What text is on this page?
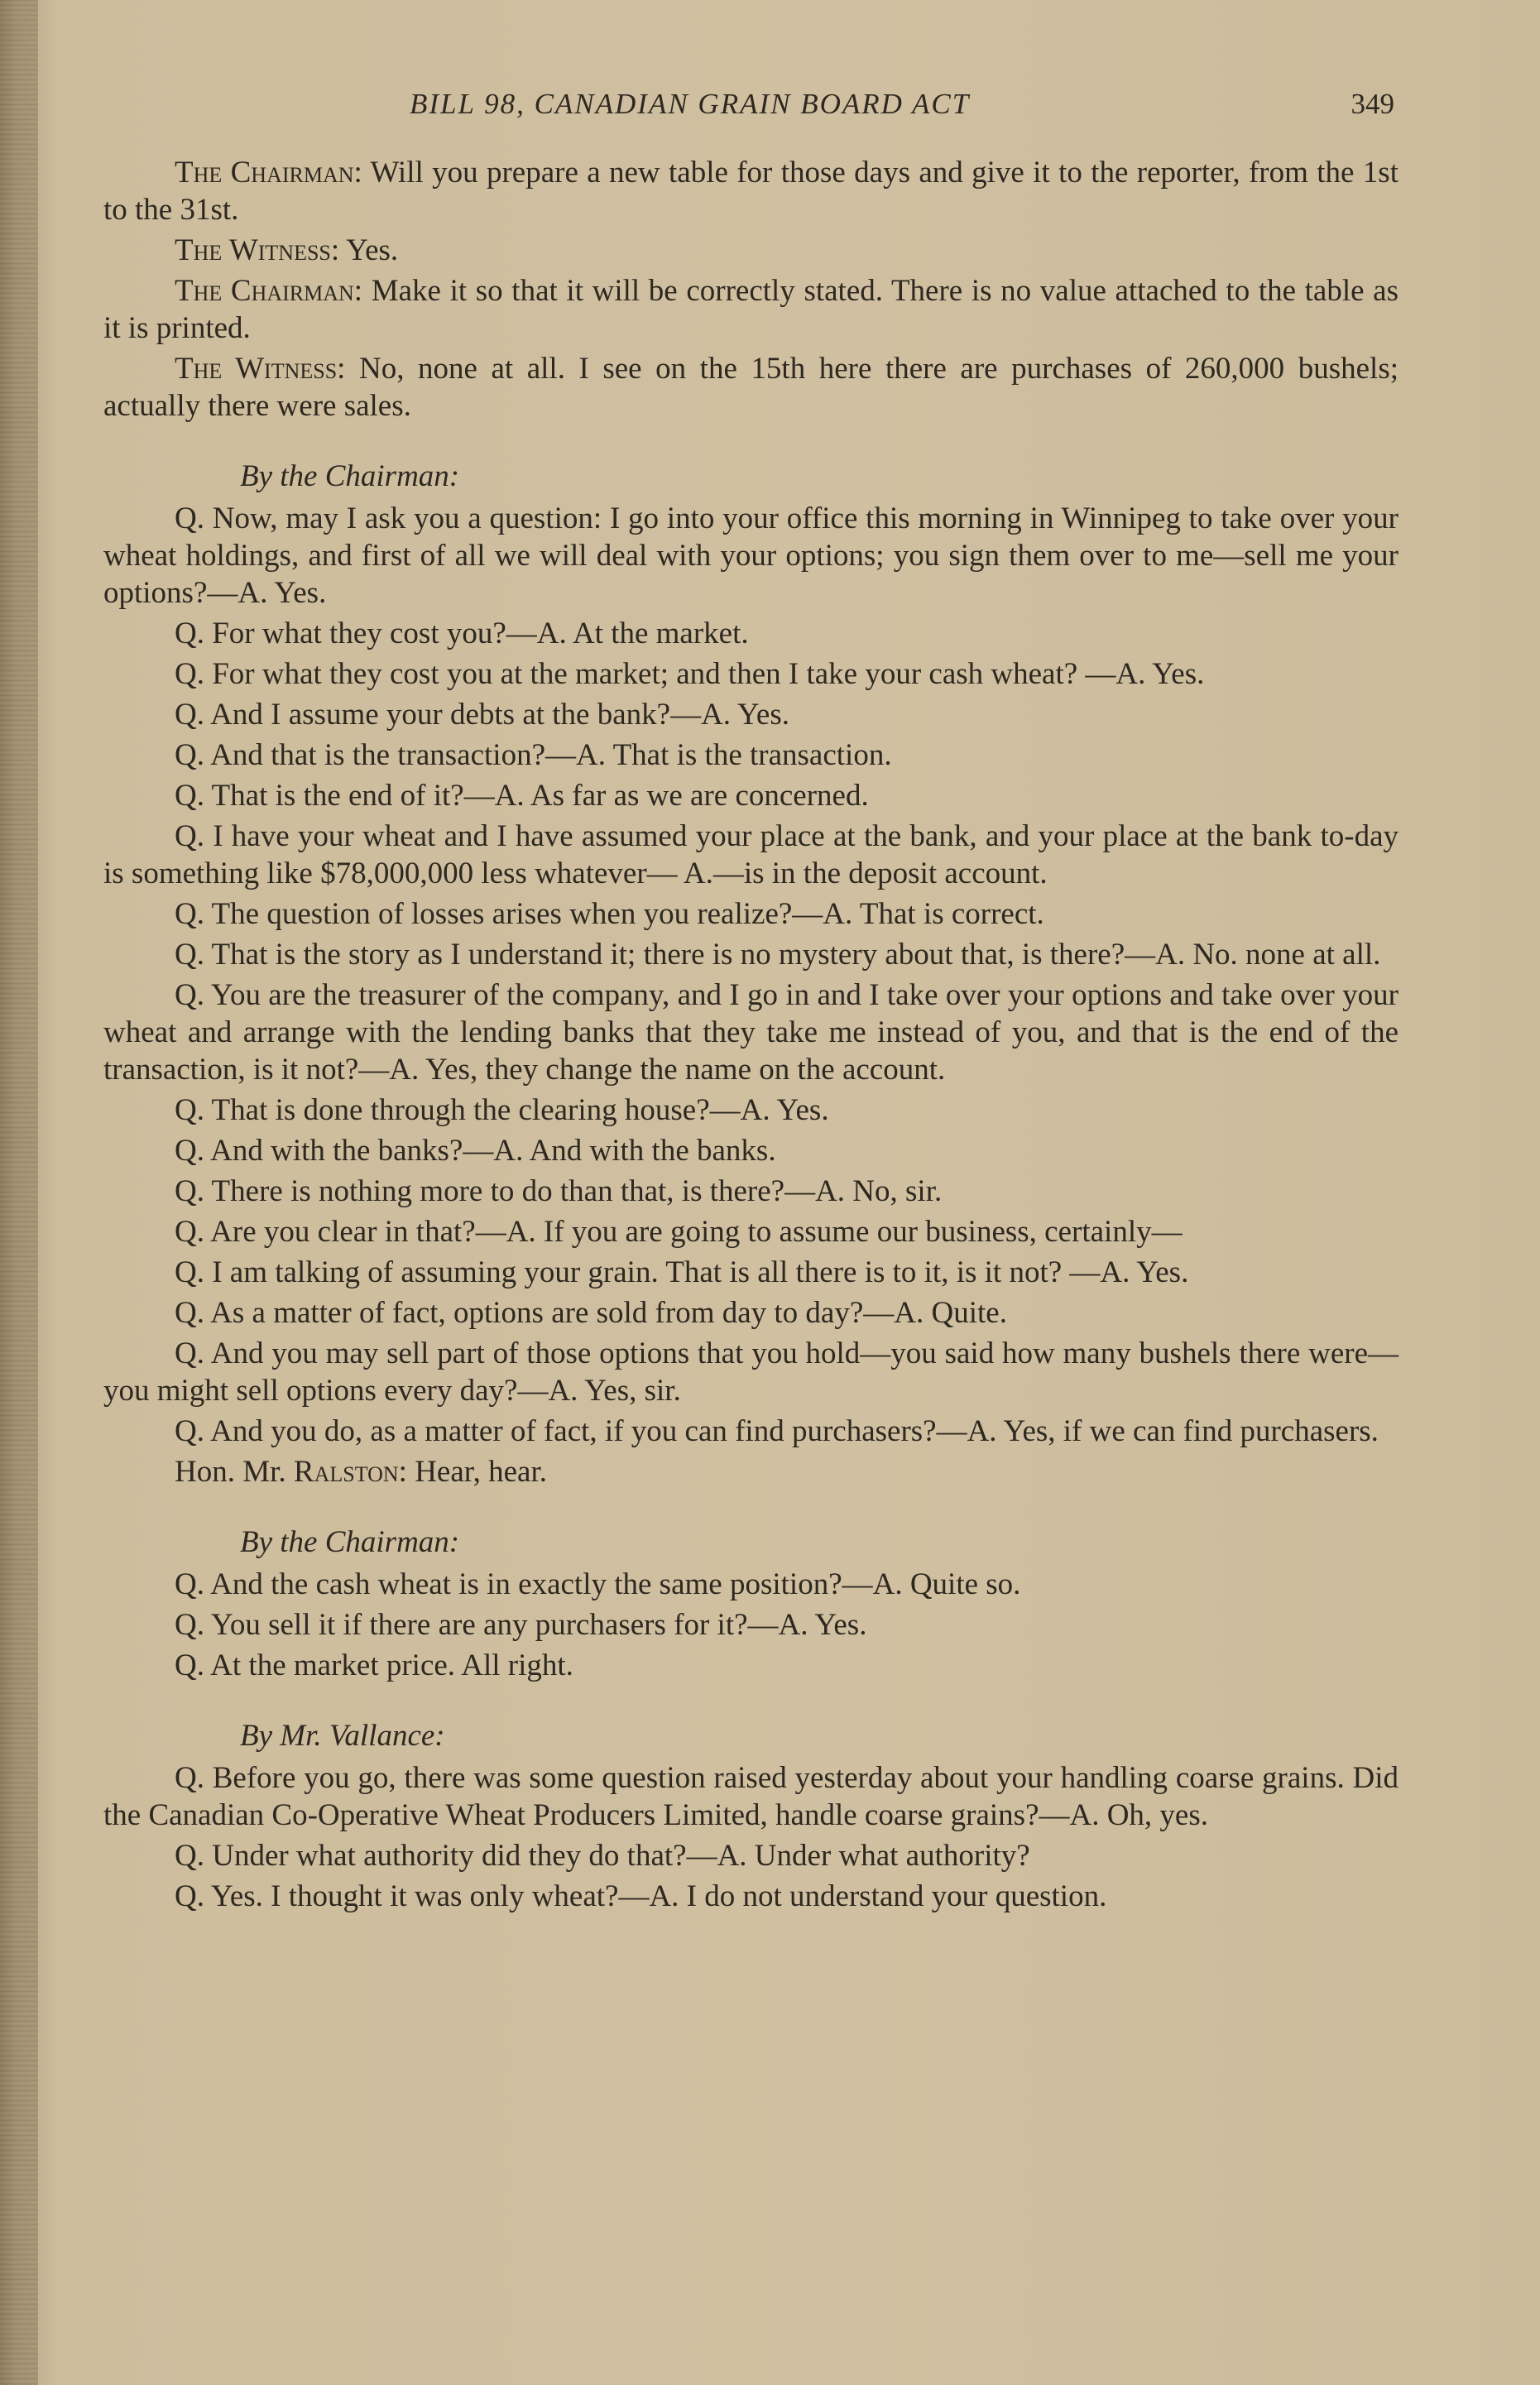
BILL 98, CANADIAN GRAIN BOARD ACT	349

The Chairman: Will you prepare a new table for those days and give it to the reporter, from the 1st to the 31st.

The Witness: Yes.

The Chairman: Make it so that it will be correctly stated. There is no value attached to the table as it is printed.

The Witness: No, none at all. I see on the 15th here there are purchases of 260,000 bushels; actually there were sales.

By the Chairman:

Q. Now, may I ask you a question: I go into your office this morning in Winnipeg to take over your wheat holdings, and first of all we will deal with your options; you sign them over to me—sell me your options?—A. Yes.

Q. For what they cost you?—A. At the market.

Q. For what they cost you at the market; and then I take your cash wheat? —A. Yes.

Q. And I assume your debts at the bank?—A. Yes.

Q. And that is the transaction?—A. That is the transaction.

Q. That is the end of it?—A. As far as we are concerned.

Q. I have your wheat and I have assumed your place at the bank, and your place at the bank to-day is something like $78,000,000 less whatever— A.—is in the deposit account.

Q. The question of losses arises when you realize?—A. That is correct.

Q. That is the story as I understand it; there is no mystery about that, is there?—A. No. none at all.

Q. You are the treasurer of the company, and I go in and I take over your options and take over your wheat and arrange with the lending banks that they take me instead of you, and that is the end of the transaction, is it not?—A. Yes, they change the name on the account.

Q. That is done through the clearing house?—A. Yes.

Q. And with the banks?—A. And with the banks.

Q. There is nothing more to do than that, is there?—A. No, sir.

Q. Are you clear in that?—A. If you are going to assume our business, certainly—

Q. I am talking of assuming your grain. That is all there is to it, is it not? —A. Yes.

Q. As a matter of fact, options are sold from day to day?—A. Quite.

Q. And you may sell part of those options that you hold—you said how many bushels there were—you might sell options every day?—A. Yes, sir.

Q. And you do, as a matter of fact, if you can find purchasers?—A. Yes, if we can find purchasers.

Hon. Mr. Ralston: Hear, hear.

By the Chairman:

Q. And the cash wheat is in exactly the same position?—A. Quite so.

Q. You sell it if there are any purchasers for it?—A. Yes.

Q. At the market price. All right.

By Mr. Vallance:

Q. Before you go, there was some question raised yesterday about your handling coarse grains. Did the Canadian Co-Operative Wheat Producers Limited, handle coarse grains?—A. Oh, yes.

Q. Under what authority did they do that?—A. Under what authority?

Q. Yes. I thought it was only wheat?—A. I do not understand your question.
